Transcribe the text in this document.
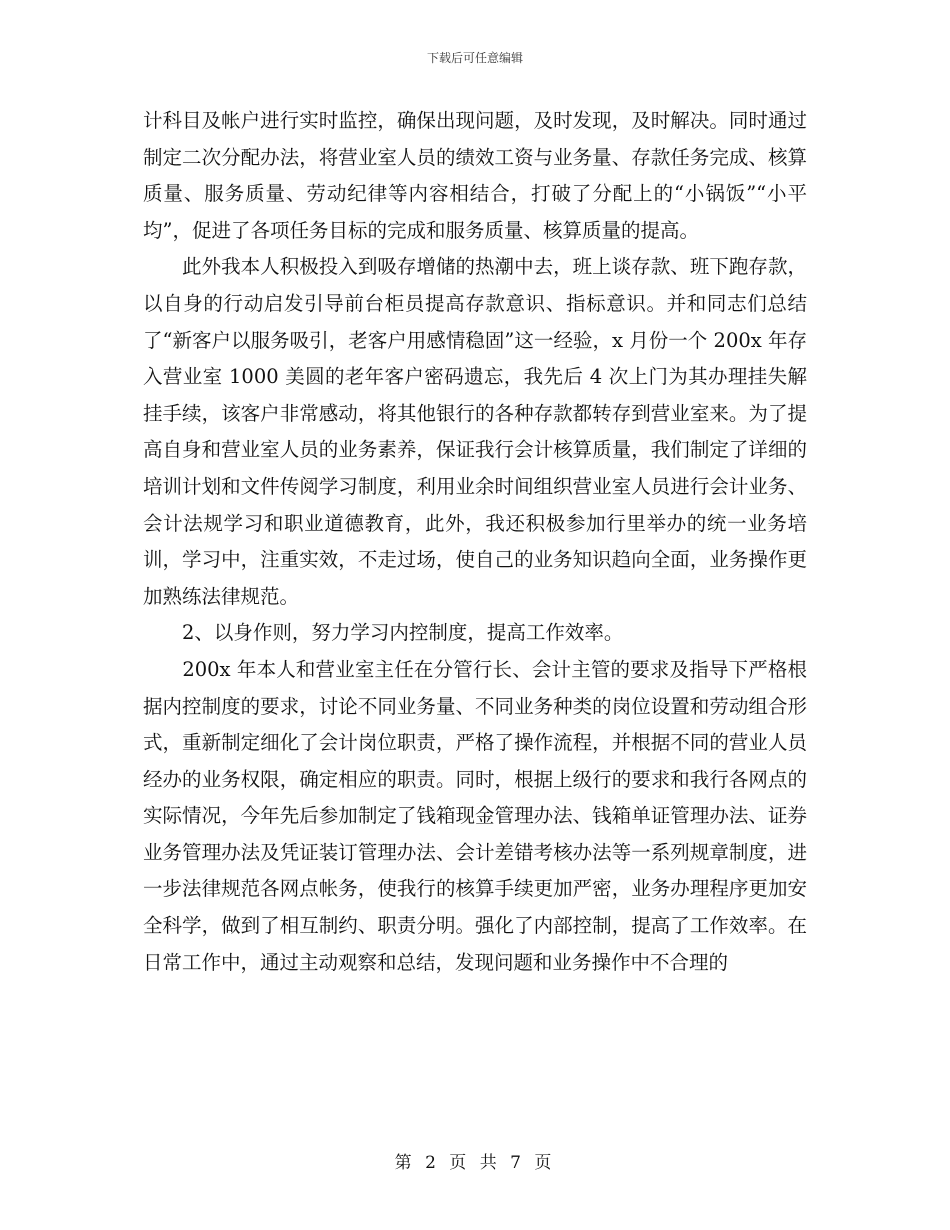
下载后可任意编辑

计科目及帐户进行实时监控，确保出现问题，及时发现，及时解决。同时通过制定二次分配办法，将营业室人员的绩效工资与业务量、存款任务完成、核算质量、服务质量、劳动纪律等内容相结合，打破了分配上的“小锅饭”“小平均”，促进了各项任务目标的完成和服务质量、核算质量的提高。

　　此外我本人积极投入到吸存增储的热潮中去，班上谈存款、班下跑存款，以自身的行动启发引导前台柜员提高存款意识、指标意识。并和同志们总结了“新客户以服务吸引，老客户用感情稳固”这一经验，x 月份一个 200x 年存入营业室 1000 美圆的老年客户密码遗忘，我先后 4 次上门为其办理挂失解挂手续，该客户非常感动，将其他银行的各种存款都转存到营业室来。为了提高自身和营业室人员的业务素养，保证我行会计核算质量，我们制定了详细的培训计划和文件传阅学习制度，利用业余时间组织营业室人员进行会计业务、会计法规学习和职业道德教育，此外，我还积极参加行里举办的统一业务培训，学习中，注重实效，不走过场，使自己的业务知识趋向全面，业务操作更加熟练法律规范。

　　2、以身作则，努力学习内控制度，提高工作效率。

　　200x 年本人和营业室主任在分管行长、会计主管的要求及指导下严格根据内控制度的要求，讨论不同业务量、不同业务种类的岗位设置和劳动组合形式，重新制定细化了会计岗位职责，严格了操作流程，并根据不同的营业人员经办的业务权限，确定相应的职责。同时，根据上级行的要求和我行各网点的实际情况，今年先后参加制定了钱箱现金管理办法、钱箱单证管理办法、证券业务管理办法及凭证装订管理办法、会计差错考核办法等一系列规章制度，进一步法律规范各网点帐务，使我行的核算手续更加严密，业务办理程序更加安全科学，做到了相互制约、职责分明。强化了内部控制，提高了工作效率。在日常工作中，通过主动观察和总结，发现问题和业务操作中不合理的

第 2 页 共 7 页
